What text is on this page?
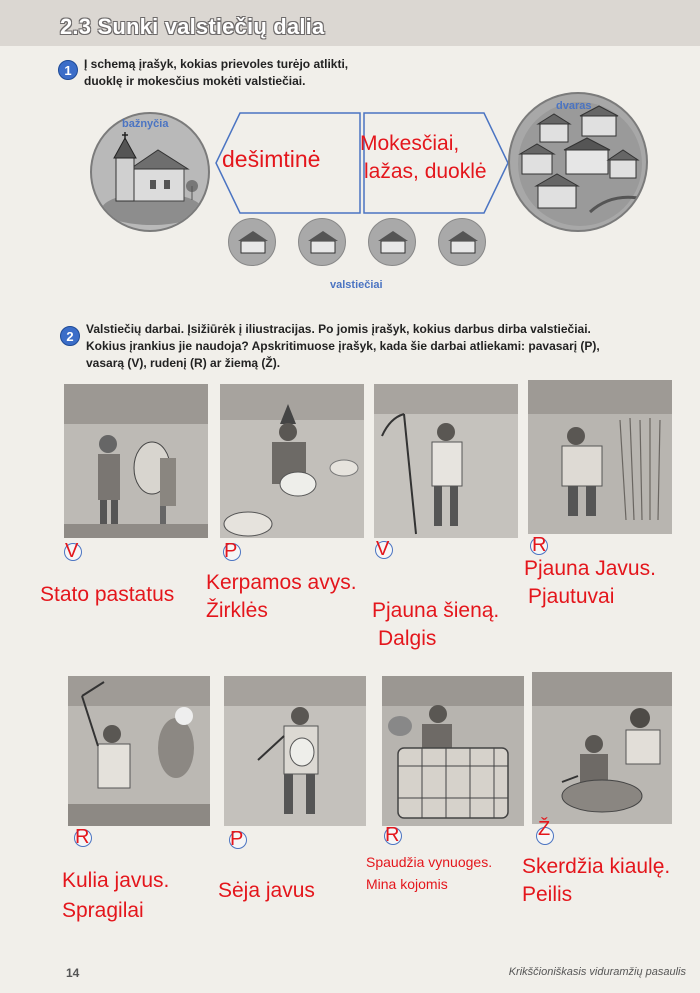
2.3 Sunki valstiečių dalia
1	Į schemą įrašyk, kokias prievoles turėjo atlikti,
duoklę ir mokesčius mokėti valstiečiai.
bažnyčia
dešimtinė
Mokesčiai,
lažas, duoklė
dvaras
valstiečiai
2	Valstiečių darbai. Įsižiūrėk į iliustracijas. Po jomis įrašyk, kokius darbus dirba valstiečiai.
Kokius įrankius jie naudoja? Apskritimuose įrašyk, kada šie darbai atliekami: pavasarį (P),
vasarą (V), rudenį (R) ar žiemą (Ž).
V	P	V	R
Stato pastatus
Kerpamos avys.
Žirklės	Pjauna šieną.
Dalgis
Pjauna Javus.
Pjautuvai
R	P	R	Ž
Kulia javus.
Spragilai
Sėja javus
Spaudžia vynuoges.
Mina kojomis
Skerdžia kiaulę.
Peilis
14	Krikščioniškasis viduramžių pasaulis
